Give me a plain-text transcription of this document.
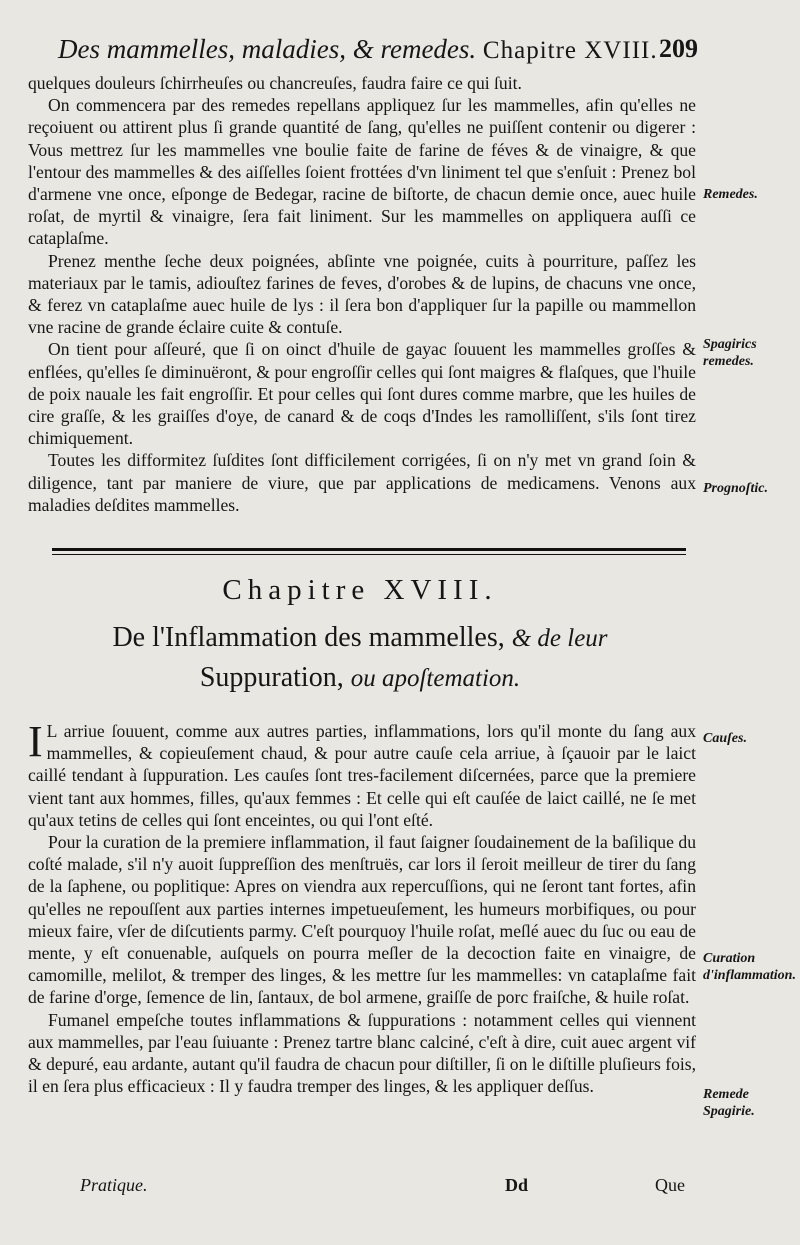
Des mammelles, maladies, & remedes. Chapitre XVIII. 209

quelques douleurs ſchirrheuſes ou chancreuſes, faudra faire ce qui ſuit.

On commencera par des remedes repellans appliquez ſur les mammelles, afin qu'elles ne reçoiuent ou attirent plus ſi grande quantité de ſang, qu'elles ne puiſſent contenir ou digerer : Vous mettrez ſur les mammelles vne boulie faite de farine de féves & de vinaigre, & que l'entour des mammelles & des aiſſelles ſoient frottées d'vn liniment tel que s'enſuit : Prenez bol d'armene vne once, eſponge de Bedegar, racine de biſtorte, de chacun demie once, auec huile roſat, de myrtil & vinaigre, ſera fait liniment. Sur les mammelles on appliquera auſſi ce cataplaſme.

Prenez menthe ſeche deux poignées, abſinte vne poignée, cuits à pourriture, paſſez les materiaux par le tamis, adiouſtez farines de feves, d'orobes & de lupins, de chacuns vne once, & ferez vn cataplaſme auec huile de lys : il ſera bon d'appliquer ſur la papille ou mammellon vne racine de grande éclaire cuite & contuſe.

On tient pour aſſeuré, que ſi on oinct d'huile de gayac ſouuent les mammelles groſſes & enflées, qu'elles ſe diminuëront, & pour engroſſir celles qui ſont maigres & flaſques, que l'huile de poix nauale les fait engroſſir. Et pour celles qui ſont dures comme marbre, que les huiles de cire graſſe, & les graiſſes d'oye, de canard & de coqs d'Indes les ramolliſſent, s'ils ſont tirez chimiquement.

Toutes les difformitez ſuſdites ſont difficilement corrigées, ſi on n'y met vn grand ſoin & diligence, tant par maniere de viure, que par applications de medicamens. Venons aux maladies deſdites mammelles.

Remedes.
Spagirics remedes.
Prognoſtic.
Chapitre XVIII.
De l'Inflammation des mammelles, & de leur
Suppuration, ou apoſtemation.

I L arriue ſouuent, comme aux autres parties, inflammations, lors qu'il monte du ſang aux mammelles, & copieuſement chaud, & pour autre cauſe cela arriue, à ſçauoir par le laict caillé tendant à ſuppuration. Les cauſes ſont tres-facilement diſcernées, parce que la premiere vient tant aux hommes, filles, qu'aux femmes : Et celle qui eſt cauſée de laict caillé, ne ſe met qu'aux tetins de celles qui ſont enceintes, ou qui l'ont eſté.

Pour la curation de la premiere inflammation, il faut ſaigner ſoudainement de la baſilique du coſté malade, s'il n'y auoit ſuppreſſion des menſtruës, car lors il ſeroit meilleur de tirer du ſang de la ſaphene, ou poplitique: Apres on viendra aux repercuſſions, qui ne ſeront tant fortes, afin qu'elles ne repouſſent aux parties internes impetueuſement, les humeurs morbifiques, ou pour mieux faire, vſer de diſcutients parmy. C'eſt pourquoy l'huile roſat, meſlé auec du ſuc ou eau de mente, y eſt conuenable, auſquels on pourra meſler de la decoction faite en vinaigre, de camomille, melilot, & tremper des linges, & les mettre ſur les mammelles: vn cataplaſme fait de farine d'orge, ſemence de lin, ſantaux, de bol armene, graiſſe de porc fraiſche, & huile roſat.

Fumanel empeſche toutes inflammations & ſuppurations : notamment celles qui viennent aux mammelles, par l'eau ſuiuante : Prenez tartre blanc calciné, c'eſt à dire, cuit auec argent vif & depuré, eau ardante, autant qu'il faudra de chacun pour diſtiller, ſi on le diſtille pluſieurs fois, il en ſera plus efficacieux : Il y faudra tremper des linges, & les appliquer deſſus.

Cauſes.
Curation d'inflammation.
Remede Spagirie.
Pratique.	Dd	Que
